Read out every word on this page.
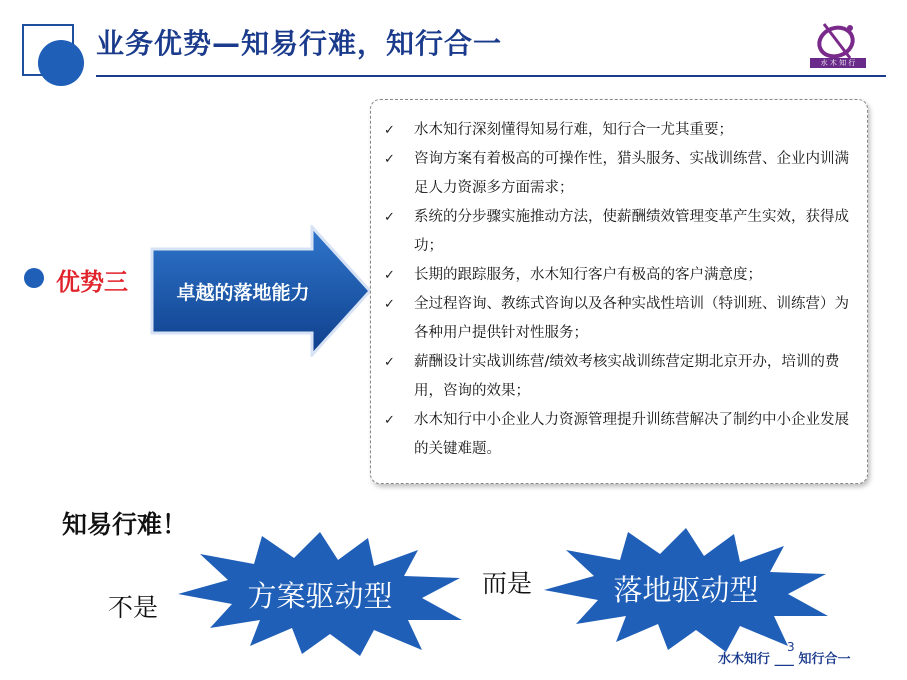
业务优势—知易行难，知行合一
水 木 知 行
优势三	卓越的落地能力
✓ 水木知行深刻懂得知易行难，知行合一尤其重要；
✓ 咨询方案有着极高的可操作性，猎头服务、实战训练营、企业内训满足人力资源多方面需求；
✓ 系统的分步骤实施推动方法，使薪酬绩效管理变革产生实效，获得成功；
✓ 长期的跟踪服务，水木知行客户有极高的客户满意度；
✓ 全过程咨询、教练式咨询以及各种实战性培训（特训班、训练营）为各种用户提供针对性服务；
✓ 薪酬设计实战训练营/绩效考核实战训练营定期北京开办，培训的费用，咨询的效果；
✓ 水木知行中小企业人力资源管理提升训练营解决了制约中小企业发展的关键难题。
知易行难！
不是
而是
方案驱动型	落地驱动型
水木知行 ___ 知行合一
3
